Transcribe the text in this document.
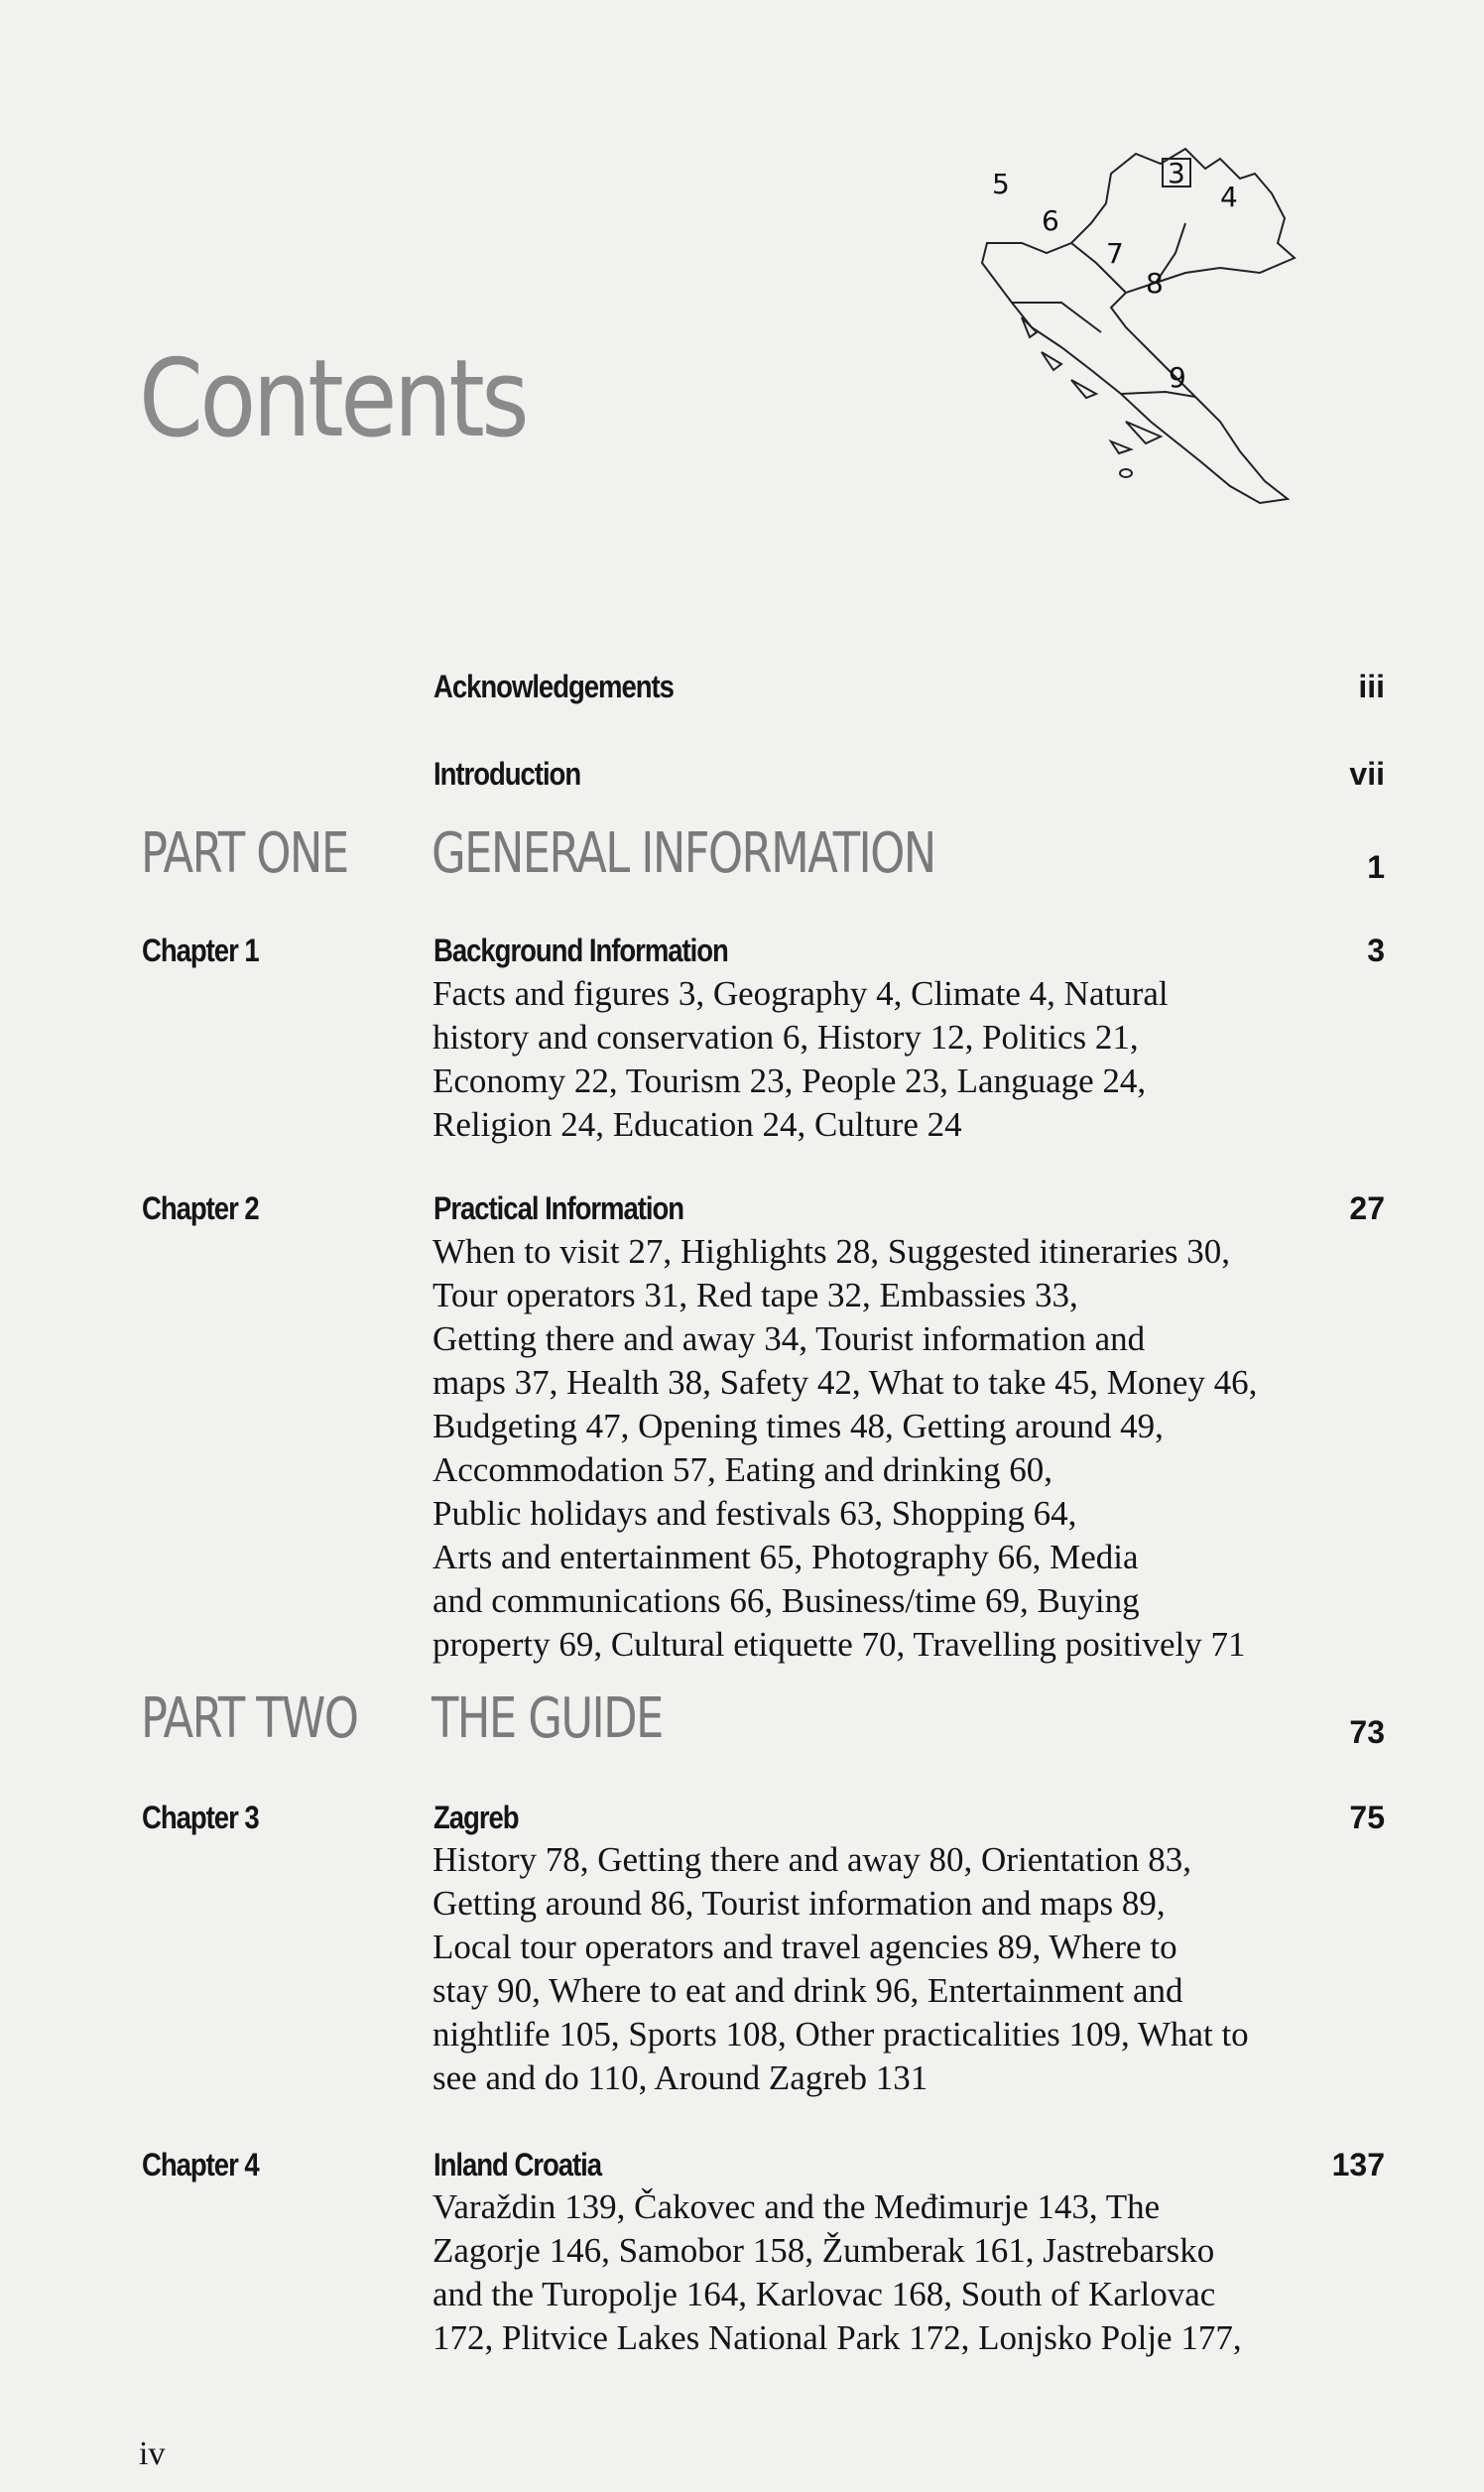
Contents
3
4
5
6
7
8
9
Acknowledgements	iii
Introduction	vii
PART ONE GENERAL INFORMATION	1
Chapter 1	Background Information	3
Facts and figures 3, Geography 4, Climate 4, Natural
history and conservation 6, History 12, Politics 21,
Economy 22, Tourism 23, People 23, Language 24,
Religion 24, Education 24, Culture 24
Chapter 2	Practical Information	27
When to visit 27, Highlights 28, Suggested itineraries 30,
Tour operators 31, Red tape 32, Embassies 33,
Getting there and away 34, Tourist information and
maps 37, Health 38, Safety 42, What to take 45, Money 46,
Budgeting 47, Opening times 48, Getting around 49,
Accommodation 57, Eating and drinking 60,
Public holidays and festivals 63, Shopping 64,
Arts and entertainment 65, Photography 66, Media
and communications 66, Business/time 69, Buying
property 69, Cultural etiquette 70, Travelling positively 71
PART TWO THE GUIDE	73
Chapter 3	Zagreb	75
History 78, Getting there and away 80, Orientation 83,
Getting around 86, Tourist information and maps 89,
Local tour operators and travel agencies 89, Where to
stay 90, Where to eat and drink 96, Entertainment and
nightlife 105, Sports 108, Other practicalities 109, What to
see and do 110, Around Zagreb 131
Chapter 4	Inland Croatia	137
Varaždin 139, Čakovec and the Međimurje 143, The
Zagorje 146, Samobor 158, Žumberak 161, Jastrebarsko
and the Turopolje 164, Karlovac 168, South of Karlovac
172, Plitvice Lakes National Park 172, Lonjsko Polje 177,
iv
